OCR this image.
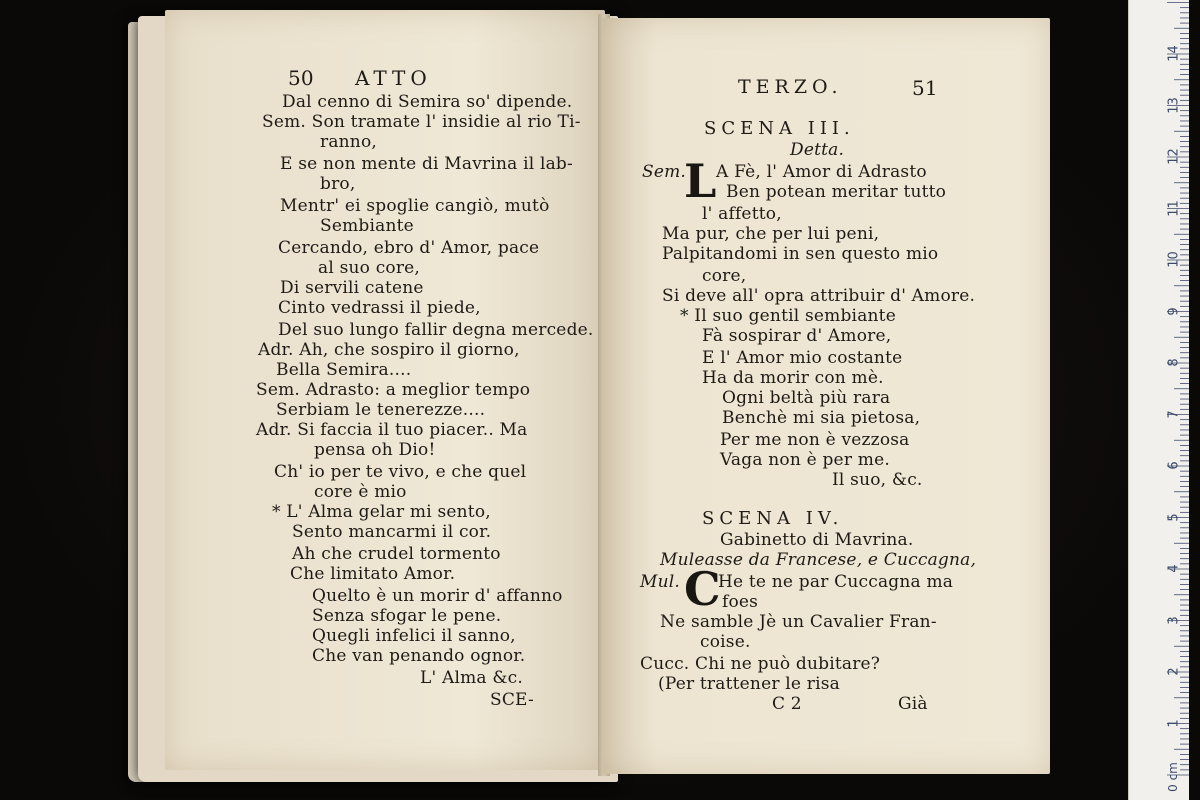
50 ATTO
Dal cenno di Semira so' dipende.
Sem. Son tramate l' insidie al rio Ti-
ranno,
E se non mente di Mavrina il lab-
bro,
Mentr' ei spoglie cangiò, mutò
Sembiante
Cercando, ebro d' Amor, pace
al suo core,
Di servili catene
Cinto vedrassi il piede,
Del suo lungo fallir degna mercede.
Adr. Ah, che sospiro il giorno,
Bella Semira....
Sem. Adrasto: a meglior tempo
Serbiam le tenerezze....
Adr. Si faccia il tuo piacer.. Ma
pensa oh Dio!
Ch' io per te vivo, e che quel
core è mio
* L' Alma gelar mi sento,
Sento mancarmi il cor.
Ah che crudel tormento
Che limitato Amor.
Quelto è un morir d' affanno
Senza sfogar le pene.
Quegli infelici il sanno,
Che van penando ognor.
L' Alma &c.
SCE-
TERZO.	51
SCENA III.
Detta.
Sem.
L A Fè, l' Amor di Adrasto
Ben potean meritar tutto
l' affetto,
Ma pur, che per lui peni,
Palpitandomi in sen questo mio
core,
Si deve all' opra attribuir d' Amore.
* Il suo gentil sembiante
Fà sospirar d' Amore,
E l' Amor mio costante
Ha da morir con mè.
Ogni beltà più rara
Benchè mi sia pietosa,
Per me non è vezzosa
Vaga non è per me.
Il suo, &c.
SCENA IV.
Gabinetto di Mavrina.
Muleasse da Francese, e Cuccagna,
Mul. C
He te ne par Cuccagna ma
foes
Ne samble Jè un Cavalier Fran-
coise.
Cucc. Chi ne può dubitare?
(Per trattener le risa
C 2	Già
1
2
3
4
5
6
7
8
9
10
11
12
13
14
0 cm
